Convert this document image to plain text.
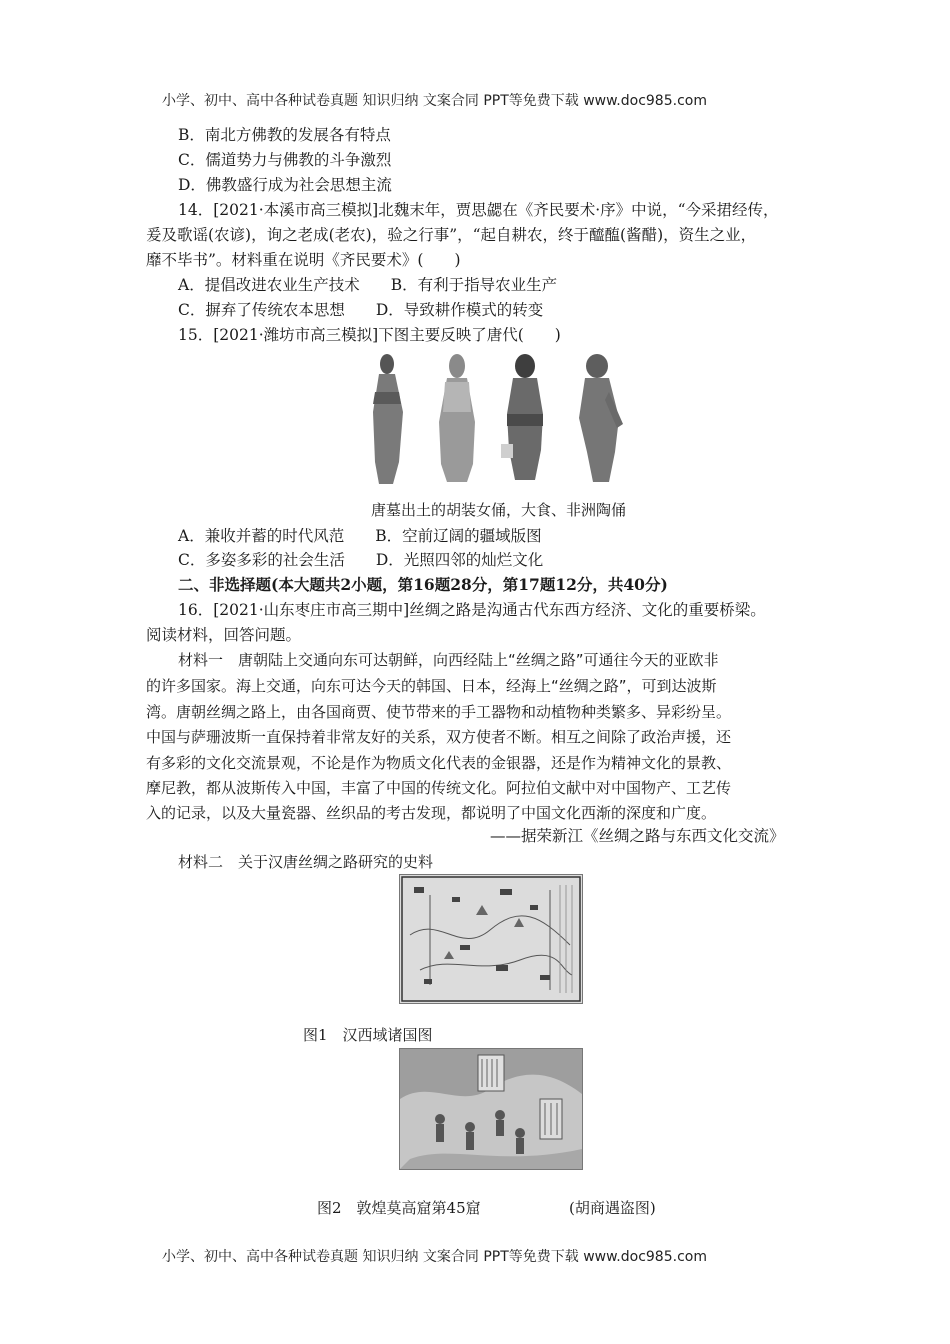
小学、初中、高中各种试卷真题 知识归纳 文案合同 PPT等免费下载 www.doc985.com
B．南北方佛教的发展各有特点
C．儒道势力与佛教的斗争激烈
D．佛教盛行成为社会思想主流
14．[2021·本溪市高三模拟]北魏末年，贾思勰在《齐民要术·序》中说，“今采捃经传，
爰及歌谣(农谚)，询之老成(老农)，验之行事”，“起自耕农，终于醯醢(酱醋)，资生之业，
靡不毕书”。材料重在说明《齐民要术》(　　)
A．提倡改进农业生产技术　　B．有利于指导农业生产
C．摒弃了传统农本思想　　D．导致耕作模式的转变
15．[2021·潍坊市高三模拟]下图主要反映了唐代(　　)
唐墓出土的胡装女俑，大食、非洲陶俑
A．兼收并蓄的时代风范　　B．空前辽阔的疆域版图
C．多姿多彩的社会生活　　D．光照四邻的灿烂文化
二、非选择题(本大题共2小题，第16题28分，第17题12分，共40分)
16．[2021·山东枣庄市高三期中]丝绸之路是沟通古代东西方经济、文化的重要桥梁。
阅读材料，回答问题。
材料一　唐朝陆上交通向东可达朝鲜，向西经陆上“丝绸之路”可通往今天的亚欧非
的许多国家。海上交通，向东可达今天的韩国、日本，经海上“丝绸之路”，可到达波斯
湾。唐朝丝绸之路上，由各国商贾、使节带来的手工器物和动植物种类繁多、异彩纷呈。
中国与萨珊波斯一直保持着非常友好的关系，双方使者不断。相互之间除了政治声援，还
有多彩的文化交流景观，不论是作为物质文化代表的金银器，还是作为精神文化的景教、
摩尼教，都从波斯传入中国，丰富了中国的传统文化。阿拉伯文献中对中国物产、工艺传
入的记录，以及大量瓷器、丝织品的考古发现，都说明了中国文化西渐的深度和广度。
——据荣新江《丝绸之路与东西文化交流》
材料二　关于汉唐丝绸之路研究的史料
图1　汉西域诸国图
图2　敦煌莫高窟第45窟	(胡商遇盗图)
小学、初中、高中各种试卷真题 知识归纳 文案合同 PPT等免费下载 www.doc985.com
